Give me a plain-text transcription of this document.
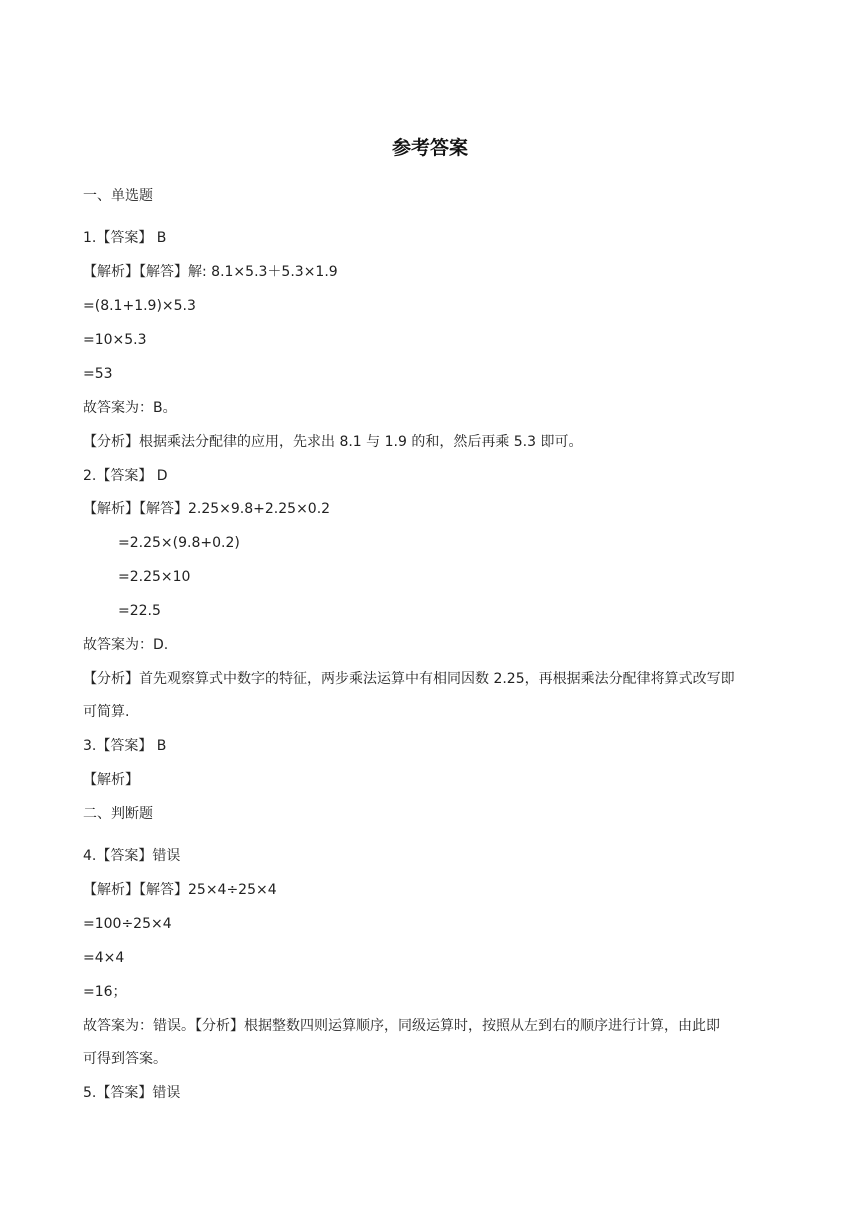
参考答案
一、单选题
1.【答案】 B
【解析】【解答】解: 8.1×5.3＋5.3×1.9
=(8.1+1.9)×5.3
=10×5.3
=53
故答案为：B。
【分析】根据乘法分配律的应用，先求出 8.1 与 1.9 的和，然后再乘 5.3 即可。
2.【答案】 D
【解析】【解答】2.25×9.8+2.25×0.2
=2.25×(9.8+0.2)
=2.25×10
=22.5
故答案为：D.
【分析】首先观察算式中数字的特征，两步乘法运算中有相同因数 2.25，再根据乘法分配律将算式改写即
可简算.
3.【答案】 B
【解析】
二、判断题
4.【答案】错误
【解析】【解答】25×4÷25×4
=100÷25×4
=4×4
=16；
故答案为：错误。【分析】根据整数四则运算顺序，同级运算时，按照从左到右的顺序进行计算，由此即
可得到答案。
5.【答案】错误
